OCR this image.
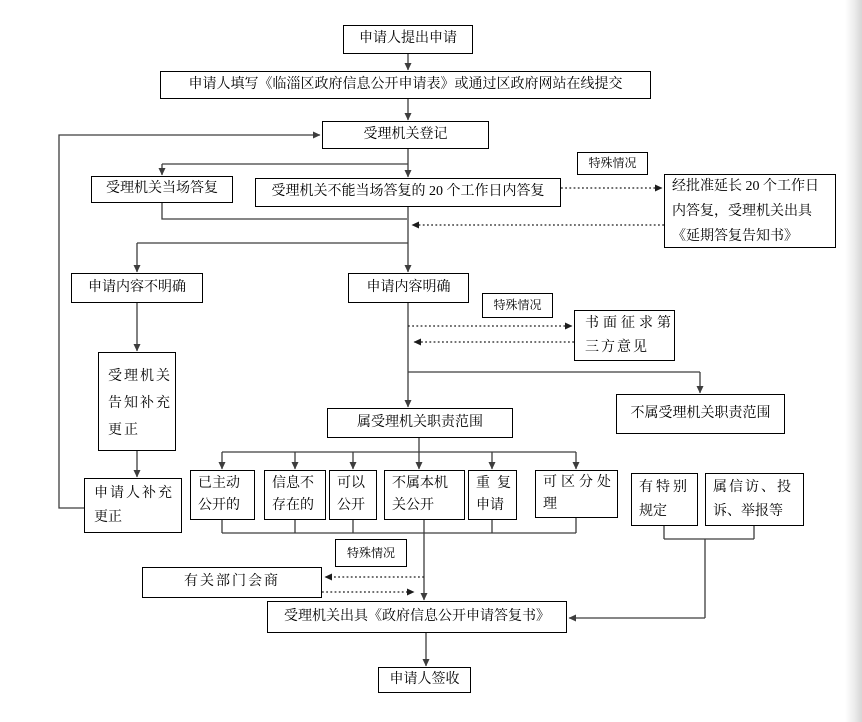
申请人提出申请
申请人填写《临淄区政府信息公开申请表》或通过区政府网站在线提交
受理机关登记
受理机关当场答复	受理机关不能当场答复的 20 个工作日内答复
特殊情况
经批准延长 20 个工作日
内答复，受理机关出具
《延期答复告知书》
申请内容不明确	申请内容明确
特殊情况
书面征求第
三方意见
受理机关
告知补充
更正
申请人补充
更正
属受理机关职责范围
不属受理机关职责范围
已主动
公开的
信息不
存在的
可以
公开
不属本机
关公开
重复
申请
可区分处
理
有特别
规定
属信访、投
诉、举报等
特殊情况
有关部门会商
受理机关出具《政府信息公开申请答复书》
申请人签收
